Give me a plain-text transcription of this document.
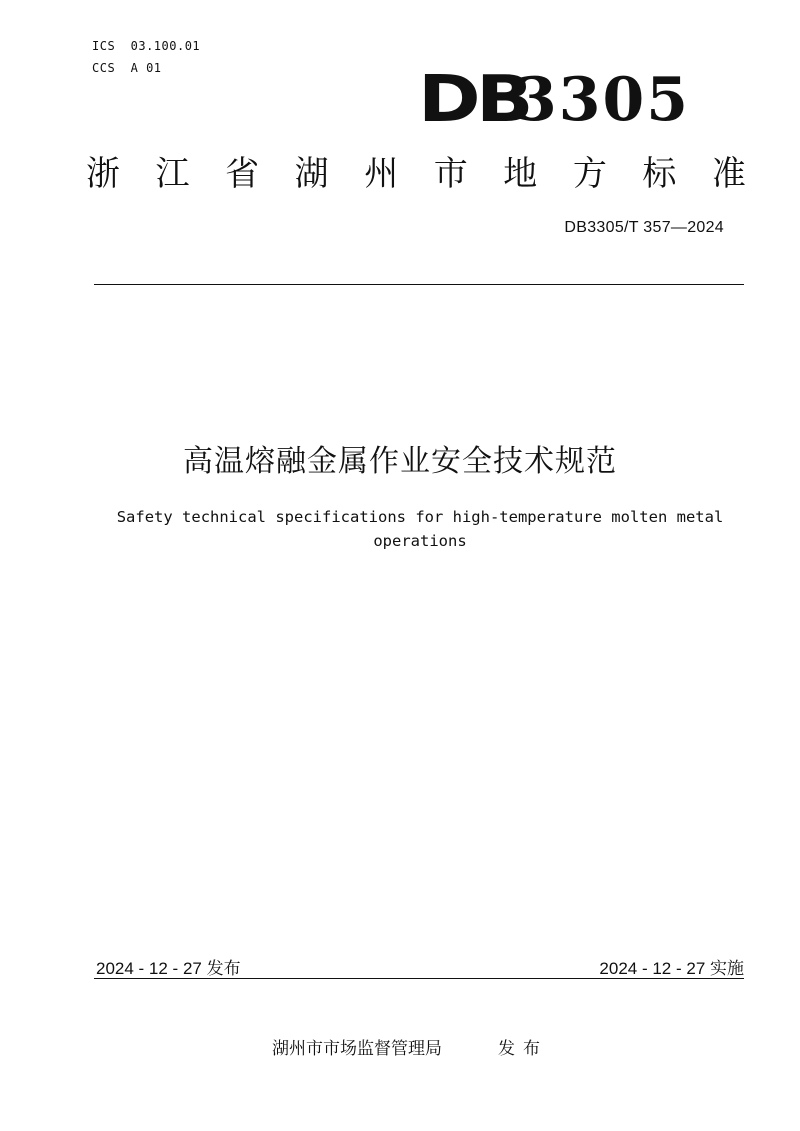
ICS  03.100.01
CCS  A 01	DB
3305
浙 江 省 湖 州 市 地 方 标 准
DB3305/T 357—2024
高温熔融金属作业安全技术规范
Safety technical specifications for high-temperature molten metal operations
2024 - 12 - 27 发布	2024 - 12 - 27 实施
湖州市市场监督管理局	发布
